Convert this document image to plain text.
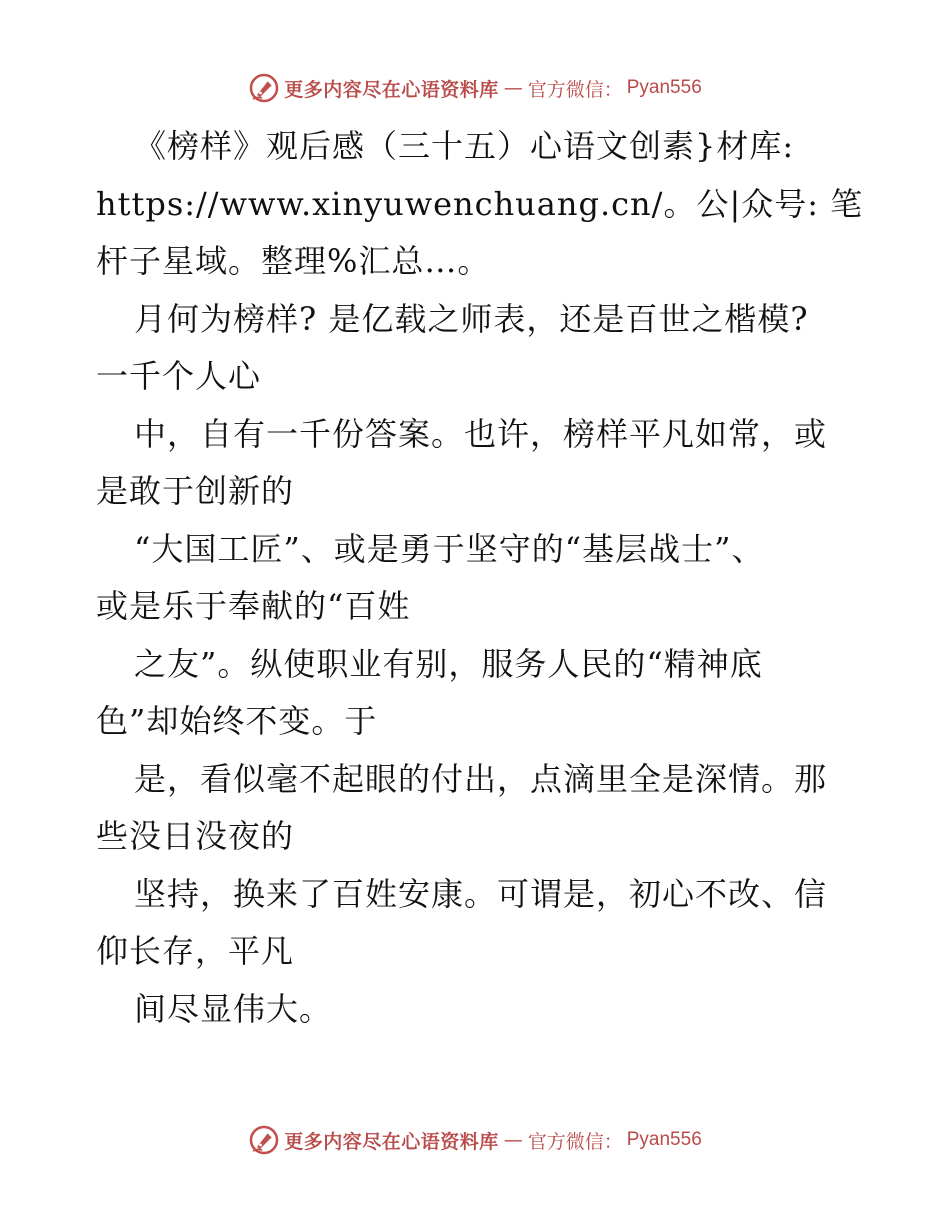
更多内容尽在心语资料库 — 官方微信： Pyan556
《榜样》观后感（三十五）心语文创素}材库:
https://www.xinyuwenchuang.cn/。公|众号: 笔
杆子星域。整理%汇总…。
月何为榜样? 是亿载之师表，还是百世之楷模?
一千个人心
中，自有一千份答案。也许，榜样平凡如常，或
是敢于创新的
“大国工匠”、或是勇于坚守的“基层战士”、
或是乐于奉献的“百姓
之友”。纵使职业有别，服务人民的“精神底
色”却始终不变。于
是，看似毫不起眼的付出，点滴里全是深情。那
些没日没夜的
坚持，换来了百姓安康。可谓是，初心不改、信
仰长存，平凡
间尽显伟大。
更多内容尽在心语资料库 — 官方微信： Pyan556
